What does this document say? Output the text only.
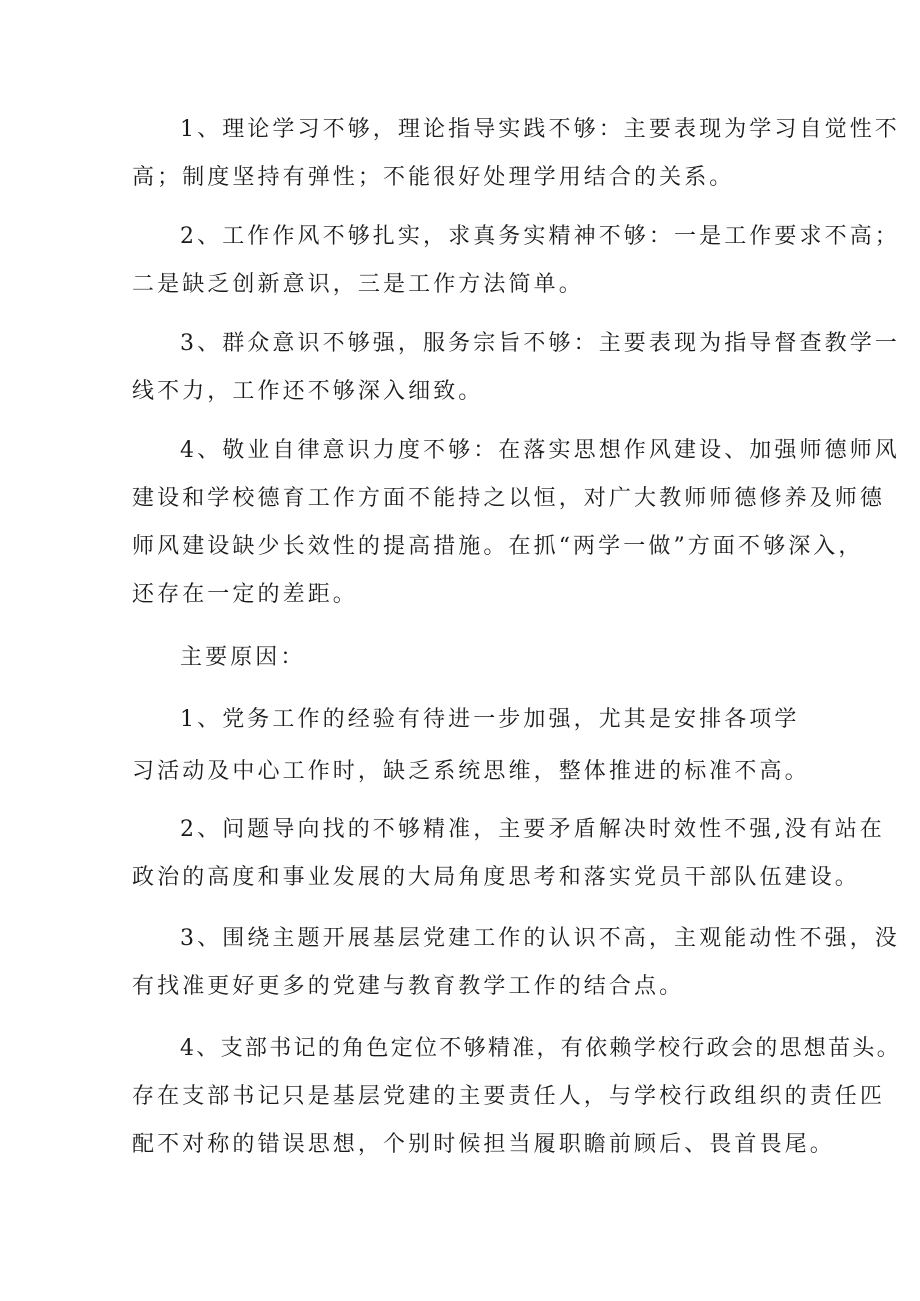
1、理论学习不够，理论指导实践不够：主要表现为学习自觉性不
高；制度坚持有弹性；不能很好处理学用结合的关系。
2、工作作风不够扎实，求真务实精神不够：一是工作要求不高；
二是缺乏创新意识，三是工作方法简单。
3、群众意识不够强，服务宗旨不够：主要表现为指导督查教学一
线不力，工作还不够深入细致。
4、敬业自律意识力度不够：在落实思想作风建设、加强师德师风
建设和学校德育工作方面不能持之以恒，对广大教师师德修养及师德
师风建设缺少长效性的提高措施。在抓“两学一做”方面不够深入，
还存在一定的差距。
主要原因：
1、党务工作的经验有待进一步加强，尤其是安排各项学
习活动及中心工作时，缺乏系统思维，整体推进的标准不高。
2、问题导向找的不够精准，主要矛盾解决时效性不强,没有站在
政治的高度和事业发展的大局角度思考和落实党员干部队伍建设。
3、围绕主题开展基层党建工作的认识不高，主观能动性不强，没
有找准更好更多的党建与教育教学工作的结合点。
4、支部书记的角色定位不够精准，有依赖学校行政会的思想苗头。
存在支部书记只是基层党建的主要责任人，与学校行政组织的责任匹
配不对称的错误思想，个别时候担当履职瞻前顾后、畏首畏尾。
